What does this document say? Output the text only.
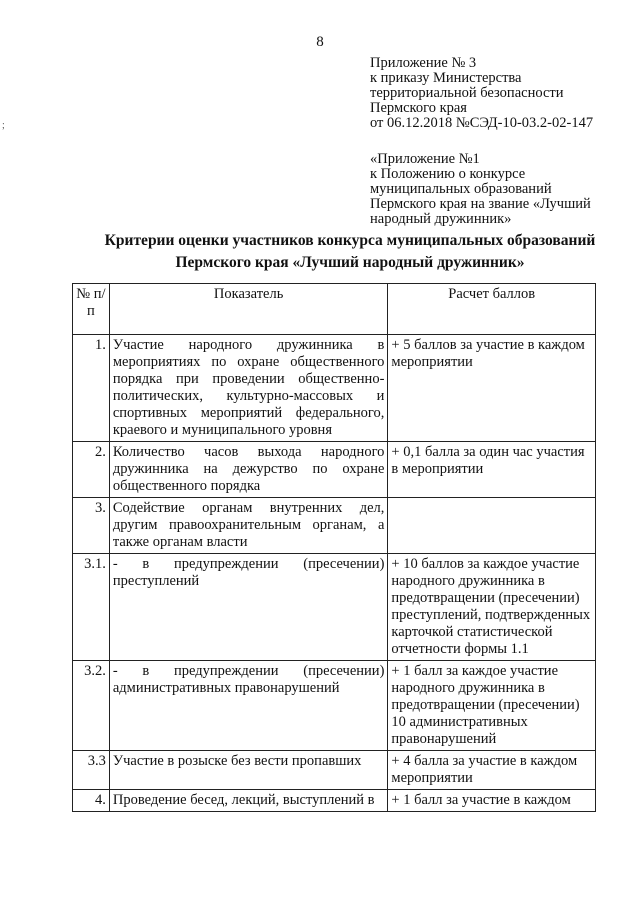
8
;
Приложение № 3
к приказу Министерства
территориальной безопасности
Пермского края
от 06.12.2018 №СЭД-10-03.2-02-147
«Приложение №1
к Положению о конкурсе
муниципальных образований
Пермского края на звание «Лучший
народный дружинник»
Критерии оценки участников конкурса муниципальных образований
Пермского края «Лучший народный дружинник»
№ п/п	Показатель	Расчет баллов
1.	Участие народного дружинника в мероприятиях по охране общественного порядка при проведении общественно-политических, культурно-массовых и спортивных мероприятий федерального, краевого и муниципального уровня	+ 5 баллов за участие в каждом мероприятии
2.	Количество часов выхода народного дружинника на дежурство по охране общественного порядка	+ 0,1 балла за один час участия в мероприятии
3.	Содействие органам внутренних дел, другим правоохранительным органам, а также органам власти	
3.1.	- в предупреждении (пресечении) преступлений	+ 10 баллов за каждое участие народного дружинника в предотвращении (пресечении) преступлений, подтвержденных карточкой статистической отчетности формы 1.1
3.2.	- в предупреждении (пресечении) административных правонарушений	+ 1 балл за каждое участие народного дружинника в предотвращении (пресечении) 10 административных правонарушений
3.3	Участие в розыске без вести пропавших	+ 4 балла за участие в каждом мероприятии
4.	Проведение бесед, лекций, выступлений в	+ 1 балл за участие в каждом
